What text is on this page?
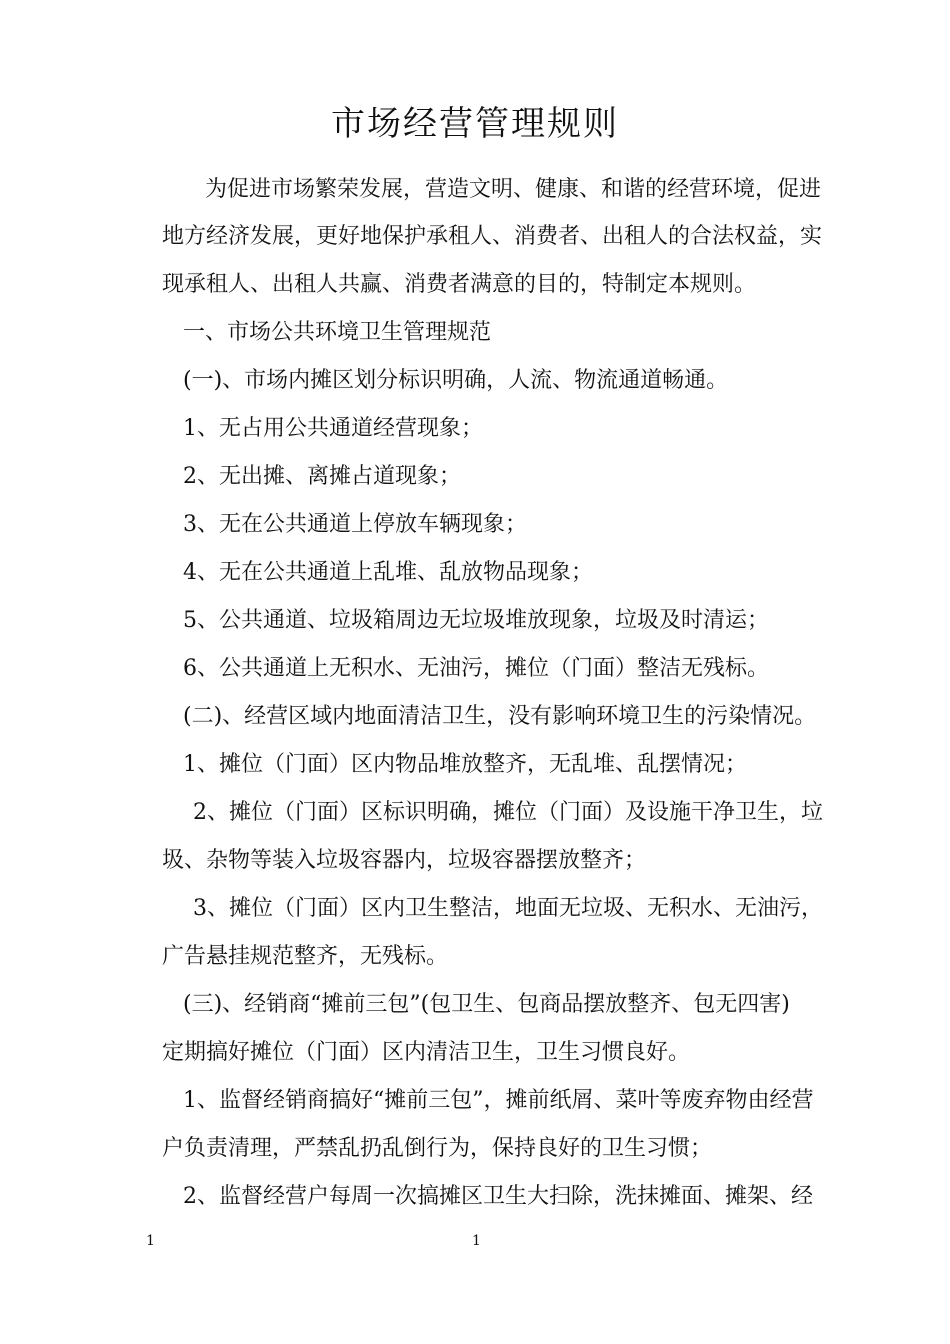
市场经营管理规则
为促进市场繁荣发展，营造文明、健康、和谐的经营环境，促进
地方经济发展，更好地保护承租人、消费者、出租人的合法权益，实
现承租人、出租人共赢、消费者满意的目的，特制定本规则。
一、市场公共环境卫生管理规范
(一)、市场内摊区划分标识明确，人流、物流通道畅通。
1、无占用公共通道经营现象；
2、无出摊、离摊占道现象；
3、无在公共通道上停放车辆现象；
4、无在公共通道上乱堆、乱放物品现象；
5、公共通道、垃圾箱周边无垃圾堆放现象，垃圾及时清运；
6、公共通道上无积水、无油污，摊位（门面）整洁无残标。
(二)、经营区域内地面清洁卫生，没有影响环境卫生的污染情况。
1、摊位（门面）区内物品堆放整齐，无乱堆、乱摆情况；
2、摊位（门面）区标识明确，摊位（门面）及设施干净卫生，垃
圾、杂物等装入垃圾容器内，垃圾容器摆放整齐；
3、摊位（门面）区内卫生整洁，地面无垃圾、无积水、无油污，
广告悬挂规范整齐，无残标。
(三)、经销商“摊前三包”(包卫生、包商品摆放整齐、包无四害)
定期搞好摊位（门面）区内清洁卫生，卫生习惯良好。
1、监督经销商搞好“摊前三包”，摊前纸屑、菜叶等废弃物由经营
户负责清理，严禁乱扔乱倒行为，保持良好的卫生习惯；
2、监督经营户每周一次搞摊区卫生大扫除，洗抹摊面、摊架、经
1	1
